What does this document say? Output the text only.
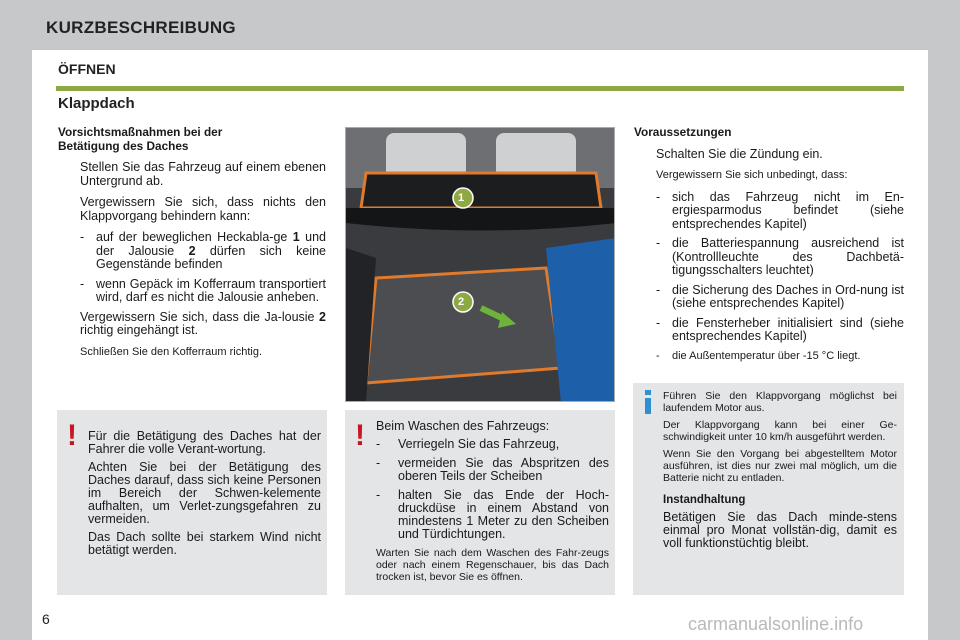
KURZBESCHREIBUNG
ÖFFNEN
Klappdach
Vorsichtsmaßnahmen bei der
Betätigung des Daches
Stellen Sie das Fahrzeug auf einem ebenen Untergrund ab.
Vergewissern Sie sich, dass nichts den Klappvorgang behindern kann:
- auf der beweglichen Heckabla-ge 1 und der Jalousie 2 dürfen sich keine Gegenstände befinden
- wenn Gepäck im Kofferraum transportiert wird, darf es nicht die Jalousie anheben.
Vergewissern Sie sich, dass die Ja-lousie 2 richtig eingehängt ist.
Schließen Sie den Kofferraum richtig.
1
2
Voraussetzungen
Schalten Sie die Zündung ein.
Vergewissern Sie sich unbedingt, dass:
- sich das Fahrzeug nicht im En-ergiesparmodus befindet (siehe entsprechendes Kapitel)
- die Batteriespannung ausreichend ist (Kontrollleuchte des Dachbetä-tigungsschalters leuchtet)
- die Sicherung des Daches in Ord-nung ist (siehe entsprechendes Kapitel)
- die Fensterheber initialisiert sind (siehe entsprechendes Kapitel)
- die Außentemperatur über -15 °C liegt.
! Für die Betätigung des Daches hat der Fahrer die volle Verant-wortung.

Achten Sie bei der Betätigung des Daches darauf, dass sich keine Personen im Bereich der Schwen-kelemente aufhalten, um Verlet-zungsgefahren zu vermeiden.

Das Dach sollte bei starkem Wind nicht betätigt werden.

! Beim Waschen des Fahrzeugs:

- Verriegeln Sie das Fahrzeug,
- vermeiden Sie das Abspritzen des oberen Teils der Scheiben
- halten Sie das Ende der Hoch-druckdüse in einem Abstand von mindestens 1 Meter zu den Scheiben und Türdichtungen.

Warten Sie nach dem Waschen des Fahr-zeugs oder nach einem Regenschauer, bis das Dach trocken ist, bevor Sie es öffnen.

Führen Sie den Klappvorgang möglichst bei laufendem Motor aus.

Der Klappvorgang kann bei einer Ge-schwindigkeit unter 10 km/h ausgeführt werden.

Wenn Sie den Vorgang bei abgestelltem Motor ausführen, ist dies nur zwei mal möglich, um die Batterie nicht zu entladen.

Instandhaltung

Betätigen Sie das Dach minde-stens einmal pro Monat vollstän-dig, damit es voll funktionstüchtig bleibt.

6	carmanualsonline.info
